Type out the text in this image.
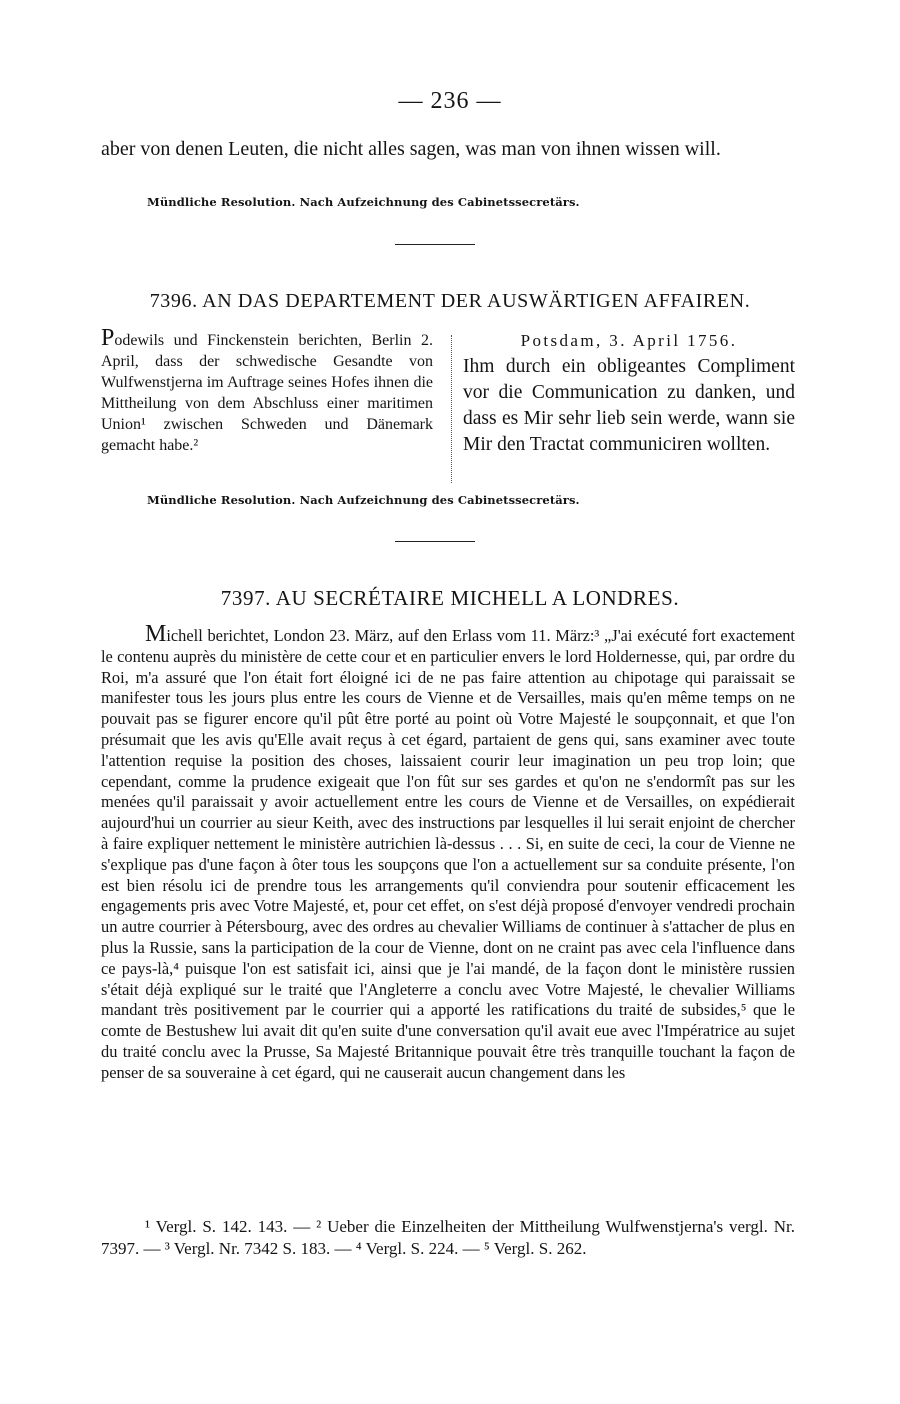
— 236 —

aber von denen Leuten, die nicht alles sagen, was man von ihnen wissen will.

Mündliche Resolution. Nach Aufzeichnung des Cabinetssecretärs.
7396. AN DAS DEPARTEMENT DER AUSWÄRTIGEN AFFAIREN.
Podewils und Finckenstein berichten, Berlin 2. April, dass der schwedische Gesandte von Wulfwenstjerna im Auftrage seines Hofes ihnen die Mittheilung von dem Abschluss einer maritimen Union¹ zwischen Schweden und Dänemark gemacht habe.²
Potsdam, 3. April 1756.
Ihm durch ein obligeantes Compliment vor die Communication zu danken, und dass es Mir sehr lieb sein werde, wann sie Mir den Tractat communiciren wollten.
Mündliche Resolution. Nach Aufzeichnung des Cabinetssecretärs.
7397. AU SECRÉTAIRE MICHELL A LONDRES.
Michell berichtet, London 23. März, auf den Erlass vom 11. März:³ „J'ai exécuté fort exactement le contenu auprès du ministère de cette cour et en particulier envers le lord Holdernesse, qui, par ordre du Roi, m'a assuré que l'on était fort éloigné ici de ne pas faire attention au chipotage qui paraissait se manifester tous les jours plus entre les cours de Vienne et de Versailles, mais qu'en même temps on ne pouvait pas se figurer encore qu'il pût être porté au point où Votre Majesté le soupçonnait, et que l'on présumait que les avis qu'Elle avait reçus à cet égard, partaient de gens qui, sans examiner avec toute l'attention requise la position des choses, laissaient courir leur imagination un peu trop loin; que cependant, comme la prudence exigeait que l'on fût sur ses gardes et qu'on ne s'endormît pas sur les menées qu'il paraissait y avoir actuellement entre les cours de Vienne et de Versailles, on expédierait aujourd'hui un courrier au sieur Keith, avec des instructions par lesquelles il lui serait enjoint de chercher à faire expliquer nettement le ministère autrichien là-dessus . . . Si, en suite de ceci, la cour de Vienne ne s'explique pas d'une façon à ôter tous les soupçons que l'on a actuellement sur sa conduite présente, l'on est bien résolu ici de prendre tous les arrangements qu'il conviendra pour soutenir efficacement les engagements pris avec Votre Majesté, et, pour cet effet, on s'est déjà proposé d'envoyer vendredi prochain un autre courrier à Pétersbourg, avec des ordres au chevalier Williams de continuer à s'attacher de plus en plus la Russie, sans la participation de la cour de Vienne, dont on ne craint pas avec cela l'influence dans ce pays-là,⁴ puisque l'on est satisfait ici, ainsi que je l'ai mandé, de la façon dont le ministère russien s'était déjà expliqué sur le traité que l'Angleterre a conclu avec Votre Majesté, le chevalier Williams mandant très positivement par le courrier qui a apporté les ratifications du traité de subsides,⁵ que le comte de Bestushew lui avait dit qu'en suite d'une conversation qu'il avait eue avec l'Impératrice au sujet du traité conclu avec la Prusse, Sa Majesté Britannique pouvait être très tranquille touchant la façon de penser de sa souveraine à cet égard, qui ne causerait aucun changement dans les
¹ Vergl. S. 142. 143. — ² Ueber die Einzelheiten der Mittheilung Wulfwenstjerna's vergl. Nr. 7397. — ³ Vergl. Nr. 7342 S. 183. — ⁴ Vergl. S. 224. — ⁵ Vergl. S. 262.
